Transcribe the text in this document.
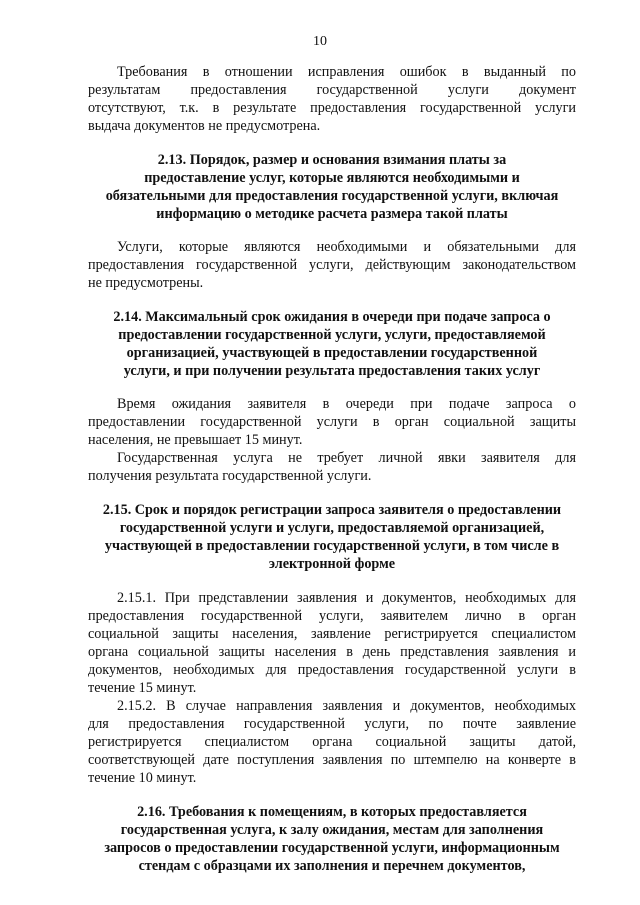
10
Требования в отношении исправления ошибок в выданный по
результатам предоставления государственной услуги документ
отсутствуют, т.к. в результате предоставления государственной услуги
выдача документов не предусмотрена.
2.13. Порядок, размер и основания взимания платы за
предоставление услуг, которые являются необходимыми и
обязательными для предоставления государственной услуги, включая
информацию о методике расчета размера такой платы
Услуги, которые являются необходимыми и обязательными для
предоставления государственной услуги, действующим законодательством
не предусмотрены.
2.14. Максимальный срок ожидания в очереди при подаче запроса о
предоставлении государственной услуги, услуги, предоставляемой
организацией, участвующей в предоставлении государственной
услуги, и при получении результата предоставления таких услуг
Время ожидания заявителя в очереди при подаче запроса о
предоставлении государственной услуги в орган социальной защиты
населения, не превышает 15 минут.
Государственная услуга не требует личной явки заявителя для
получения результата государственной услуги.
2.15. Срок и порядок регистрации запроса заявителя о предоставлении
государственной услуги и услуги, предоставляемой организацией,
участвующей в предоставлении государственной услуги, в том числе в
электронной форме
2.15.1. При представлении заявления и документов, необходимых для
предоставления государственной услуги, заявителем лично в орган
социальной защиты населения, заявление регистрируется специалистом
органа социальной защиты населения в день представления заявления и
документов, необходимых для предоставления государственной услуги в
течение 15 минут.
2.15.2. В случае направления заявления и документов, необходимых
для предоставления государственной услуги, по почте заявление
регистрируется специалистом органа социальной защиты датой,
соответствующей дате поступления заявления по штемпелю на конверте в
течение 10 минут.
2.16. Требования к помещениям, в которых предоставляется
государственная услуга, к залу ожидания, местам для заполнения
запросов о предоставлении государственной услуги, информационным
стендам с образцами их заполнения и перечнем документов,
